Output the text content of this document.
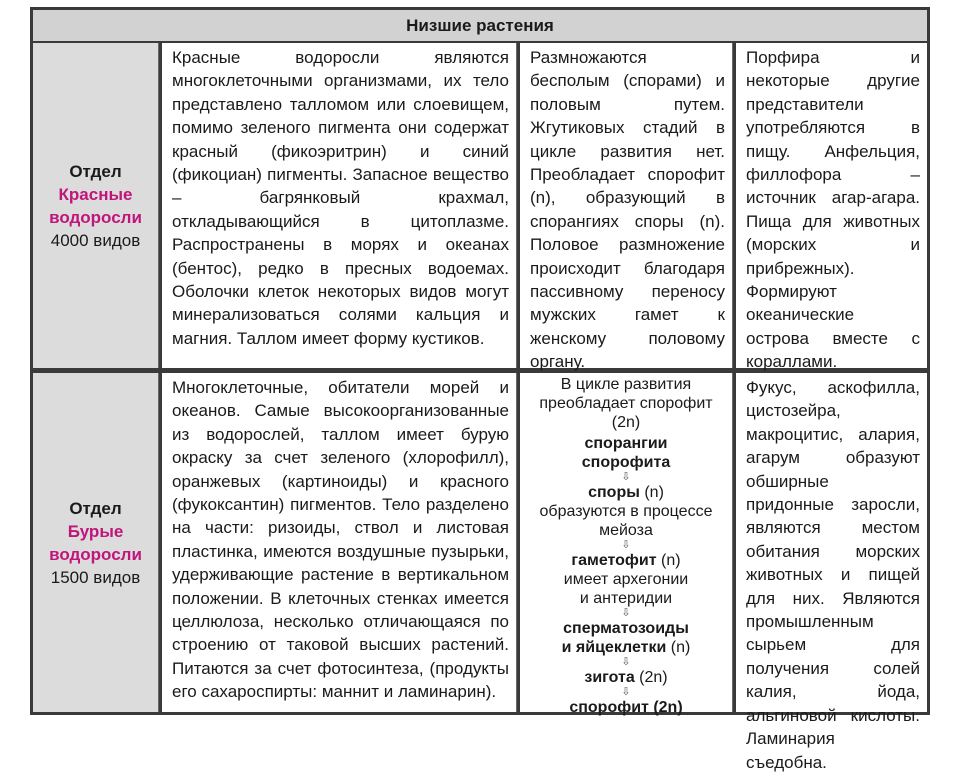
Низшие растения
Отдел
Красные
водоросли
4000 видов
Красные водоросли являются многоклеточными организмами, их тело представлено талломом или слоевищем, помимо зеленого пигмента они содержат красный (фикоэритрин) и синий (фикоциан) пигменты. Запасное вещество – багрянковый крахмал, откладывающийся в цитоплазме. Распространены в морях и океанах (бентос), редко в пресных водоемах. Оболочки клеток некоторых видов могут минерализоваться солями кальция и магния. Таллом имеет форму кустиков.
Размножаются бесполым (спорами) и половым путем. Жгутиковых стадий в цикле развития нет. Преобладает спорофит (n), образующий в спорангиях споры (n). Половое размножение происходит благодаря пассивному переносу мужских гамет к женскому половому органу.
Порфира и некоторые другие представители употребляются в пищу. Анфельция, филлофора – источник агар-агара. Пища для животных (морских и прибрежных). Формируют океанические острова вместе с кораллами.
Отдел
Бурые
водоросли
1500 видов
Многоклеточные, обитатели морей и океанов. Самые высокоорганизованные из водорослей, таллом имеет бурую окраску за счет зеленого (хлорофилл), оранжевых (картиноиды) и красного (фукоксантин) пигментов. Тело разделено на части: ризоиды, ствол и листовая пластинка, имеются воздушные пузырьки, удерживающие растение в вертикальном положении. В клеточных стенках имеется целлюлоза, несколько отличающаяся по строению от таковой высших растений. Питаются за счет фотосинтеза, (продукты его сахароспирты: маннит и ламинарин).
В цикле развития преобладает спорофит (2n)
спорангии
спорофита
⇩
споры (n)
образуются в процессе
мейоза
⇩
гаметофит (n)
имеет архегонии
и антеридии
⇩
сперматозоиды
и яйцеклетки (n)
⇩
зигота (2n)
⇩
спорофит (2n)
Фукус, аскофилла, цистозейра, макроцитис, алария, агарум образуют обширные придонные заросли, являются местом обитания морских животных и пищей для них. Являются промышленным сырьем для получения солей калия, йода, альгиновой кислоты. Ламинария съедобна.
